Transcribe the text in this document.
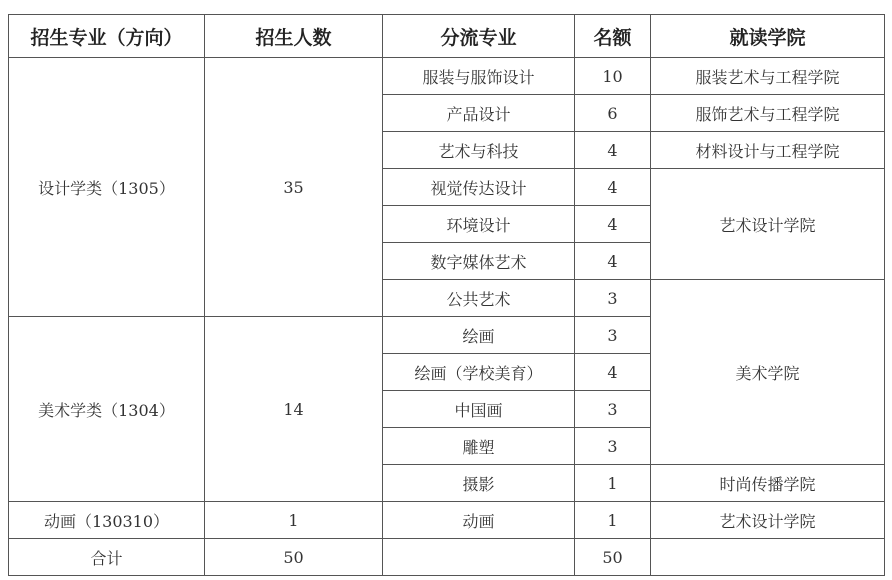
招生专业（方向）	招生人数	分流专业	名额	就读学院
设计学类（1305）	35	服装与服饰设计	10	服装艺术与工程学院
		产品设计	6	服饰艺术与工程学院
		艺术与科技	4	材料设计与工程学院
		视觉传达设计	4	艺术设计学院
		环境设计	4	
		数字媒体艺术	4	
		公共艺术	3	美术学院
美术学类（1304）	14	绘画	3	
		绘画（学校美育）	4	
		中国画	3	
		雕塑	3	
		摄影	1	时尚传播学院
动画（130310）	1	动画	1	艺术设计学院
合计	50		50	
